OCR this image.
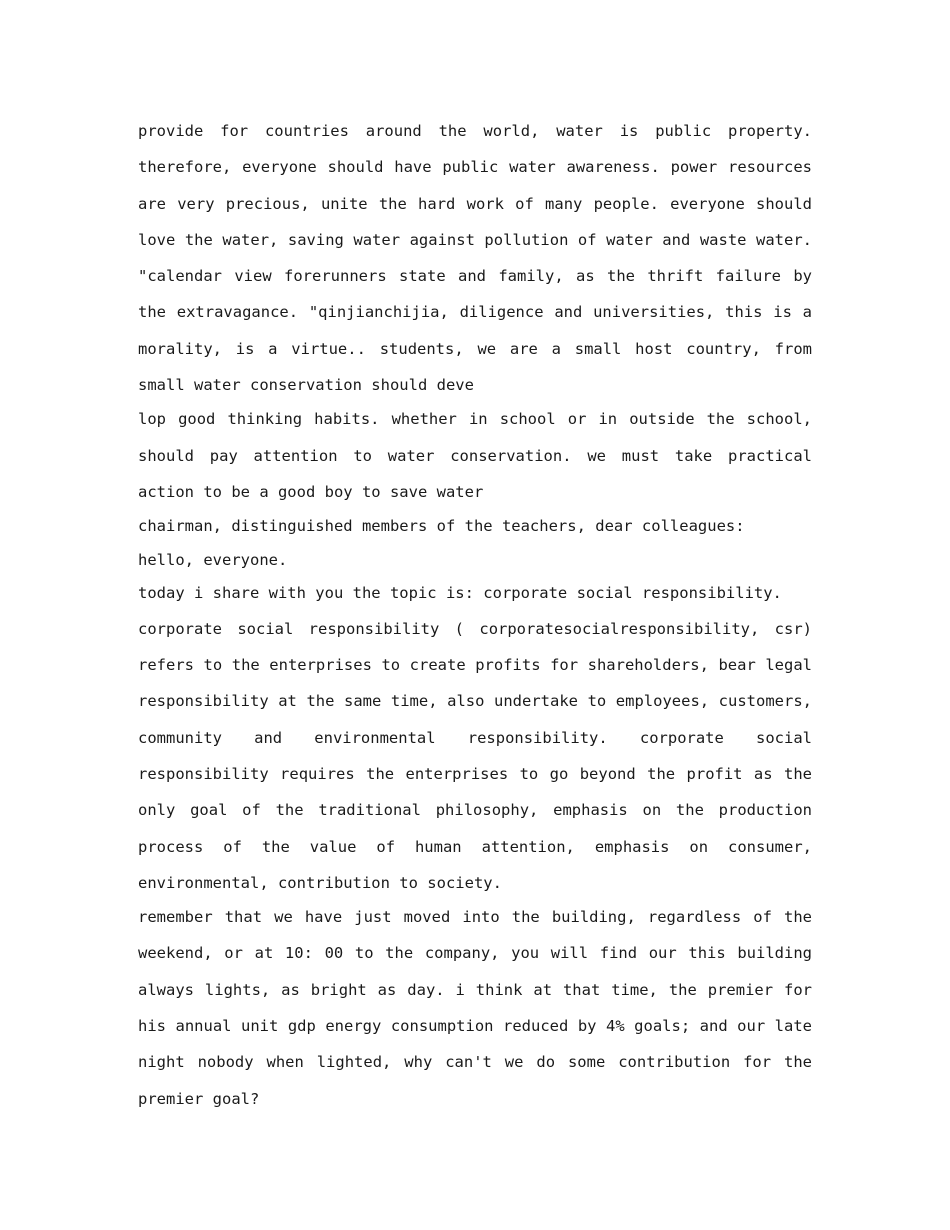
provide for countries around the world, water is public property. therefore, everyone should have public water awareness. power resources are very precious, unite the hard work of many people. everyone should love the water, saving water against pollution of water and waste water. "calendar view forerunners state and family, as the thrift failure by the extravagance. "qinjianchijia, diligence and universities, this is a morality, is a virtue.. students, we are a small host country, from small water conservation should deve

lop good thinking habits. whether in school or in outside the school, should pay attention to water conservation. we must take practical action to be a good boy to save water

chairman, distinguished members of the teachers, dear colleagues:

hello, everyone.

today i share with you the topic is: corporate social responsibility.

corporate social responsibility ( corporatesocialresponsibility, csr) refers to the enterprises to create profits for shareholders, bear legal responsibility at the same time, also undertake to employees, customers, community and environmental responsibility. corporate social responsibility requires the enterprises to go beyond the profit as the only goal of the traditional philosophy, emphasis on the production process of the value of human attention, emphasis on consumer, environmental, contribution to society.

remember that we have just moved into the building, regardless of the weekend, or at 10: 00 to the company, you will find our this building always lights, as bright as day. i think at that time, the premier for his annual unit gdp energy consumption reduced by 4% goals; and our late night nobody when lighted, why can't we do some contribution for the premier goal?
